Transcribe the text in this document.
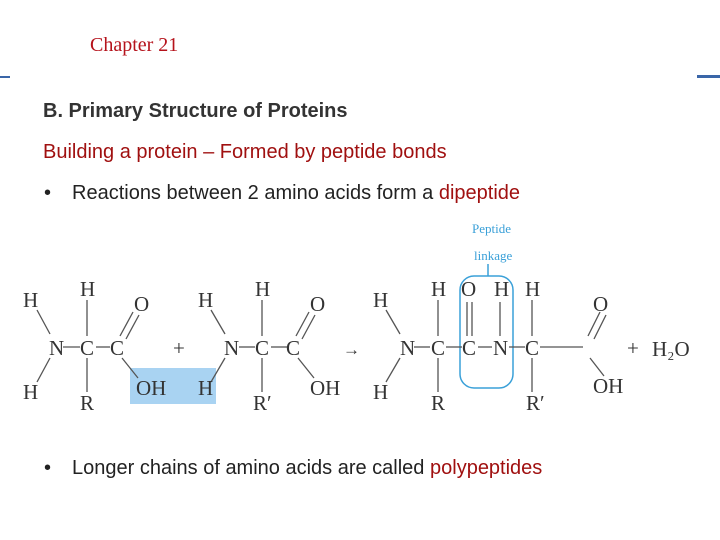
Chapter 21
B. Primary Structure of Proteins
Building a protein – Formed by peptide bonds
• Reactions between 2 amino acids form a dipeptide
Peptide
linkage
H
N
H
H
C
R
C
O
OH
+
H
N
H
H
C
R′
C
O
OH
→
H
N
H
H
C
R
O
C
H
N
H
C
R′
O
OH
+ H₂O
• Longer chains of amino acids are called polypeptides
